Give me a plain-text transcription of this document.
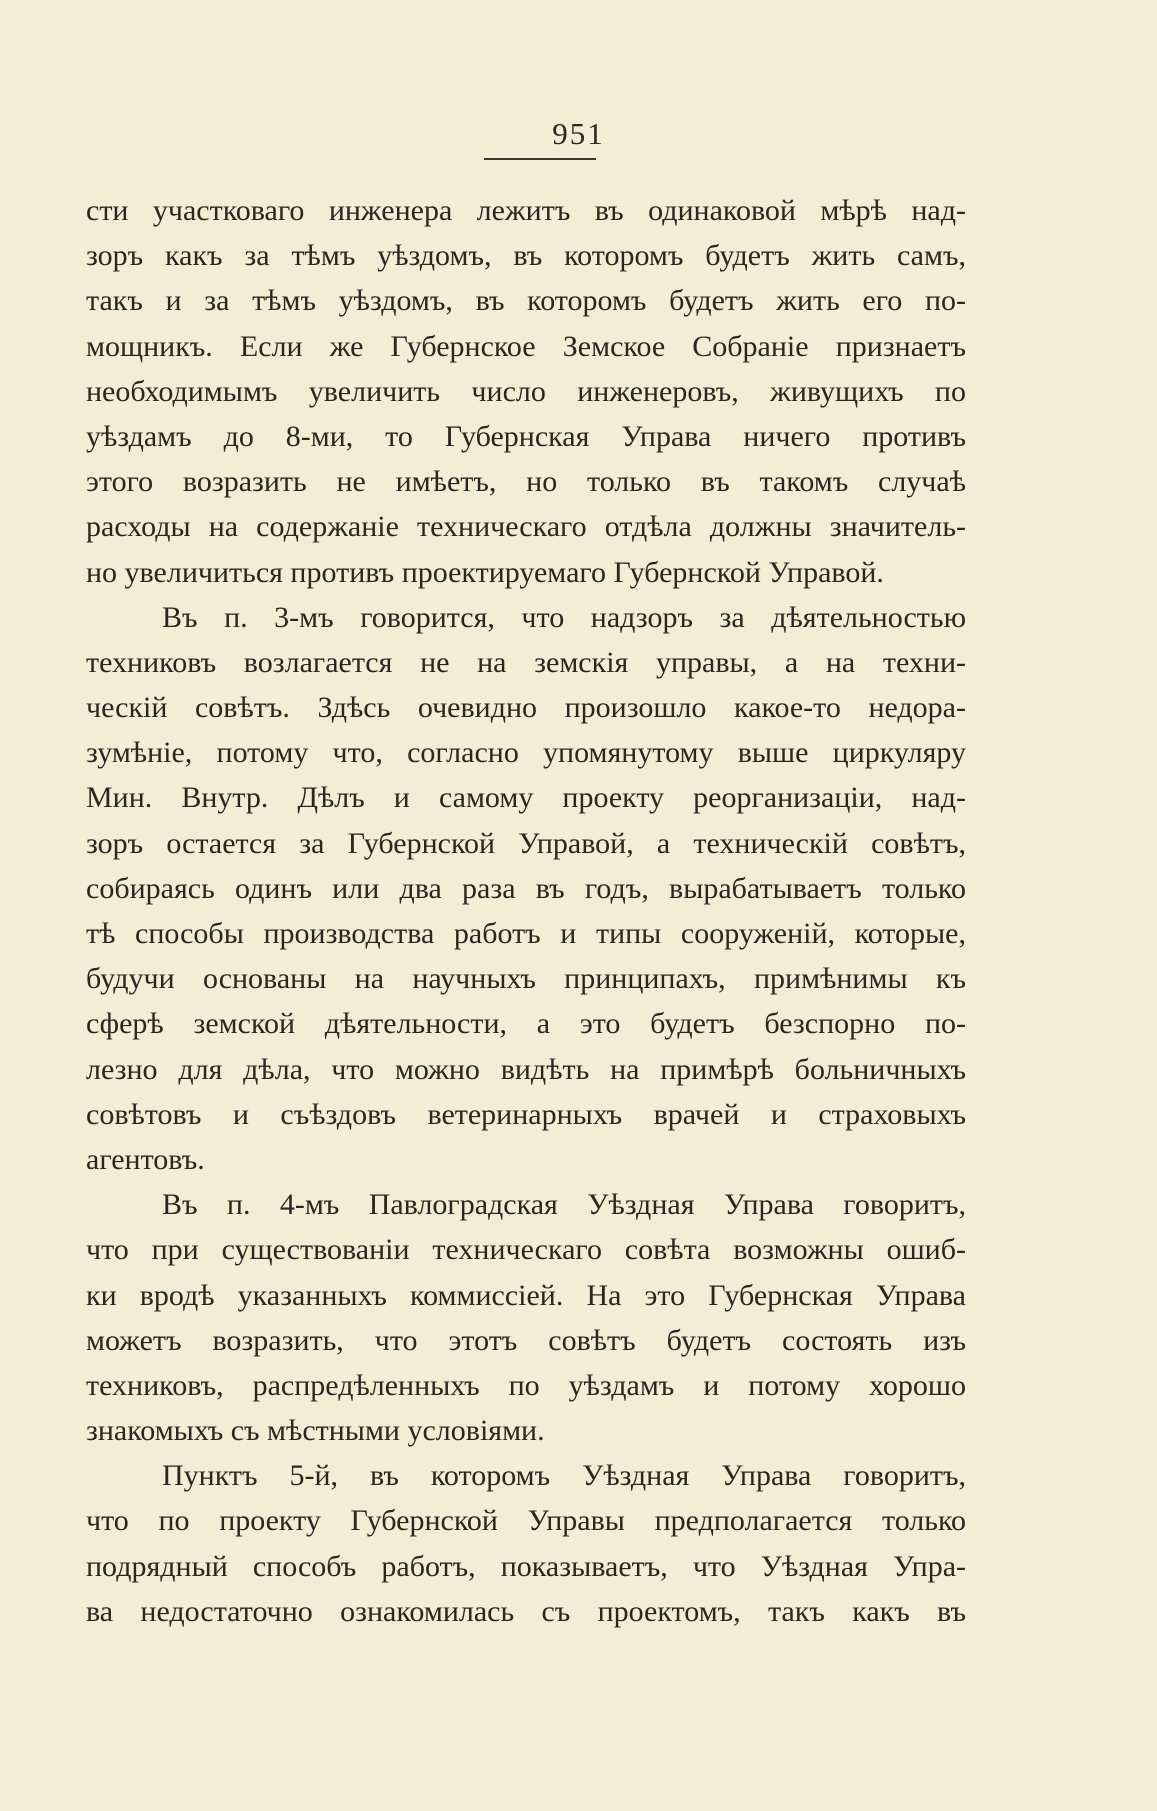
951
сти участковаго инженера лежитъ въ одинаковой мѣрѣ над-
зоръ какъ за тѣмъ уѣздомъ, въ которомъ будетъ жить самъ,
такъ и за тѣмъ уѣздомъ, въ которомъ будетъ жить его по-
мощникъ. Если же Губернское Земское Собраніе признаетъ
необходимымъ увеличить число инженеровъ, живущихъ по
уѣздамъ до 8-ми, то Губернская Управа ничего противъ
этого возразить не имѣетъ, но только въ такомъ случаѣ
расходы на содержаніе техническаго отдѣла должны значитель-
но увеличиться противъ проектируемаго Губернской Управой.
Въ п. 3-мъ говорится, что надзоръ за дѣятельностью
техниковъ возлагается не на земскія управы, а на техни-
ческій совѣтъ. Здѣсь очевидно произошло какое-то недора-
зумѣніе, потому что, согласно упомянутому выше циркуляру
Мин. Внутр. Дѣлъ и самому проекту реорганизаціи, над-
зоръ остается за Губернской Управой, а техническій совѣтъ,
собираясь одинъ или два раза въ годъ, вырабатываетъ только
тѣ способы производства работъ и типы сооруженій, которые,
будучи основаны на научныхъ принципахъ, примѣнимы къ
сферѣ земской дѣятельности, а это будетъ безспорно по-
лезно для дѣла, что можно видѣть на примѣрѣ больничныхъ
совѣтовъ и съѣздовъ ветеринарныхъ врачей и страховыхъ
агентовъ.
Въ п. 4-мъ Павлоградская Уѣздная Управа говоритъ,
что при существованіи техническаго совѣта возможны ошиб-
ки вродѣ указанныхъ коммиссіей. На это Губернская Управа
можетъ возразить, что этотъ совѣтъ будетъ состоять изъ
техниковъ, распредѣленныхъ по уѣздамъ и потому хорошо
знакомыхъ съ мѣстными условіями.
Пунктъ 5-й, въ которомъ Уѣздная Управа говоритъ,
что по проекту Губернской Управы предполагается только
подрядный способъ работъ, показываетъ, что Уѣздная Упра-
ва недостаточно ознакомилась съ проектомъ, такъ какъ въ
